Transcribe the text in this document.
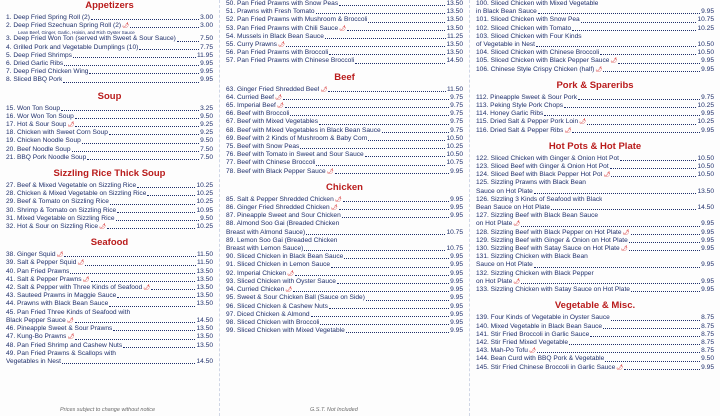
Appetizers
1. Deep Fried Spring Roll (2)	3.00
2. Deep Fried Szechuan Spring Roll (2) 🌶	3.00
Lean Beef, Ginger, Garlic, Hoisin, and Rich Oyster Sauce
3. Deep Fried Won Ton (served with Sweet & Sour Sauce)	7.50
4. Grilled Pork and Vegetable Dumplings (10)	7.75
5. Deep Fried Shrimps	11.95
6. Dried Garlic Ribs	9.95
7. Deep Fried Chicken Wing	9.95
8. Sliced BBQ Pork	9.95
Soup
15. Won Ton Soup	3.25
16. Wor Won Ton Soup	9.50
17. Hot & Sour Soup 🌶	9.25
18. Chicken with Sweet Corn Soup	9.25
19. Chicken Noodle Soup	9.50
20. Beef Noodle Soup	7.50
21. BBQ Pork Noodle Soup	7.50
Sizzling Rice Thick Soup
27. Beef & Mixed Vegetable on Sizzling Rice	10.25
28. Chicken & Mixed Vegetable on Sizzling Rice	10.25
29. Beef & Tomato on Sizzling Rice	10.25
30. Shrimp & Tomato on Sizzling Rice	10.95
31. Mixed Vegetable on Sizzling Rice	9.50
32. Hot & Sour on Sizzling Rice 🌶	10.25
Seafood
38. Ginger Squid 🌶	11.50
39. Salt & Pepper Squid 🌶	11.50
40. Pan Fried Prawns	13.50
41. Salt & Pepper Prawns 🌶	13.50
42. Salt & Pepper with Three Kinds of Seafood 🌶	13.50
43. Sauteed Prawns in Maggie Sauce	13.50
44. Prawns with Black Bean Sauce	13.50
45. Pan Fried Three Kinds of Seafood with
Black Pepper Sauce 🌶	14.50
46. Pineapple Sweet & Sour Prawns	13.50
47. Kung-Bo Prawns 🌶	13.50
48. Pan Fried Shrimp and Cashew Nuts	13.50
49. Pan Fried Prawns & Scallops with
Vegetables in Nest	14.50
Prices subject to change without notice
50. Pan Fried Prawns with Snow Peas	13.50
51. Prawns with Fresh Tomato	13.50
52. Pan Fried Prawns with Mushroom & Broccoli	13.50
53. Pan Fried Prawns with Chili Sauce 🌶	13.50
54. Mussels in Black Bean Sauce	11.25
55. Curry Prawns 🌶	13.50
56. Pan Fried Prawns with Broccoli	13.50
57. Pan Fried Prawns with Chinese Broccoli	14.50
Beef
63. Ginger Fried Shredded Beef 🌶	11.50
64. Curried Beef 🌶	9.75
65. Imperial Beef 🌶	9.75
66. Beef with Broccoli	9.75
67. Beef with Mixed Vegetables	9.75
68. Beef with Mixed Vegetables in Black Bean Sauce	9.75
69. Beef with 2 Kinds of Mushroom & Baby Corn	10.50
75. Beef with Snow Peas	10.25
76. Beef with Tomato in Sweet and Sour Sauce	10.50
77. Beef with Chinese Broccoli	10.75
78. Beef with Black Pepper Sauce 🌶	9.95
Chicken
85. Salt & Pepper Shredded Chicken 🌶	9.95
86. Ginger Fried Shredded Chicken 🌶	9.95
87. Pineapple Sweet and Sour Chicken	9.95
88. Almond Soo Gai (Breaded Chicken
Breast with Almond Sauce)	10.75
89. Lemon Soo Gai (Breaded Chicken
Breast with Lemon Sauce)	10.75
90. Sliced Chicken in Black Bean Sauce	9.95
91. Sliced Chicken in Lemon Sauce	9.95
92. Imperial Chicken 🌶	9.95
93. Sliced Chicken with Oyster Sauce	9.95
94. Curried Chicken 🌶	9.95
95. Sweet & Sour Chicken Ball (Sauce on Side)	9.95
96. Sliced Chicken & Cashew Nuts	9.95
97. Diced Chicken & Almond	9.95
98. Sliced Chicken with Broccoli	9.95
99. Sliced Chicken with Mixed Vegetable	9.95
G.S.T. Not Included
100. Sliced Chicken with Mixed Vegetable
in Black Bean Sauce	9.95
101. Sliced Chicken with Snow Pea	10.75
102. Sliced Chicken with Tomato	10.25
103. Sliced Chicken with Four Kinds
of Vegetable in Nest	10.50
104. Sliced Chicken with Chinese Broccoli	10.50
105. Sliced Chicken with Black Pepper Sauce 🌶	9.95
106. Chinese Style Crispy Chicken (half) 🌶	9.95
Pork & Spareribs
112. Pineapple Sweet & Sour Pork	9.75
113. Peking Style Pork Chops	10.25
114. Honey Garlic Ribs	9.95
115. Dried Salt & Pepper Pork Loin 🌶	10.25
116. Dried Salt & Pepper Ribs 🌶	9.95
Hot Pots & Hot Plate
122. Sliced Chicken with Ginger & Onion Hot Pot	10.50
123. Sliced Beef with Ginger & Onion Hot Pot	10.50
124. Sliced Beef with Black Pepper Hot Pot 🌶	10.50
125. Sizzling Prawns with Black Bean
Sauce on Hot Plate	13.50
126. Sizzling 3 Kinds of Seafood with Black
Bean Sauce on Hot Plate	14.50
127. Sizzling Beef with Black Bean Sauce
on Hot Plate 🌶	9.95
128. Sizzling Beef with Black Pepper on Hot Plate 🌶	9.95
129. Sizzling Beef with Ginger & Onion on Hot Plate	9.95
130. Sizzling Beef with Satay Sauce on Hot Plate 🌶	9.95
131. Sizzling Chicken with Black Bean
Sauce on Hot Plate	9.95
132. Sizzling Chicken with Black Pepper
on Hot Plate 🌶	9.95
133. Sizzling Chicken with Satay Sauce on Hot Plate	9.95
Vegetable & Misc.
139. Four Kinds of Vegetable in Oyster Sauce	8.75
140. Mixed Vegetable in Black Bean Sauce	8.75
141. Stir Fried Broccoli in Garlic Sauce	8.75
142. Stir Fried Mixed Vegetable	8.75
143. Mah-Po Tofu 🌶	8.75
144. Bean Curd with BBQ Pork & Vegetable	9.50
145. Stir Fried Chinese Broccoli in Garlic Sauce 🌶	9.95
